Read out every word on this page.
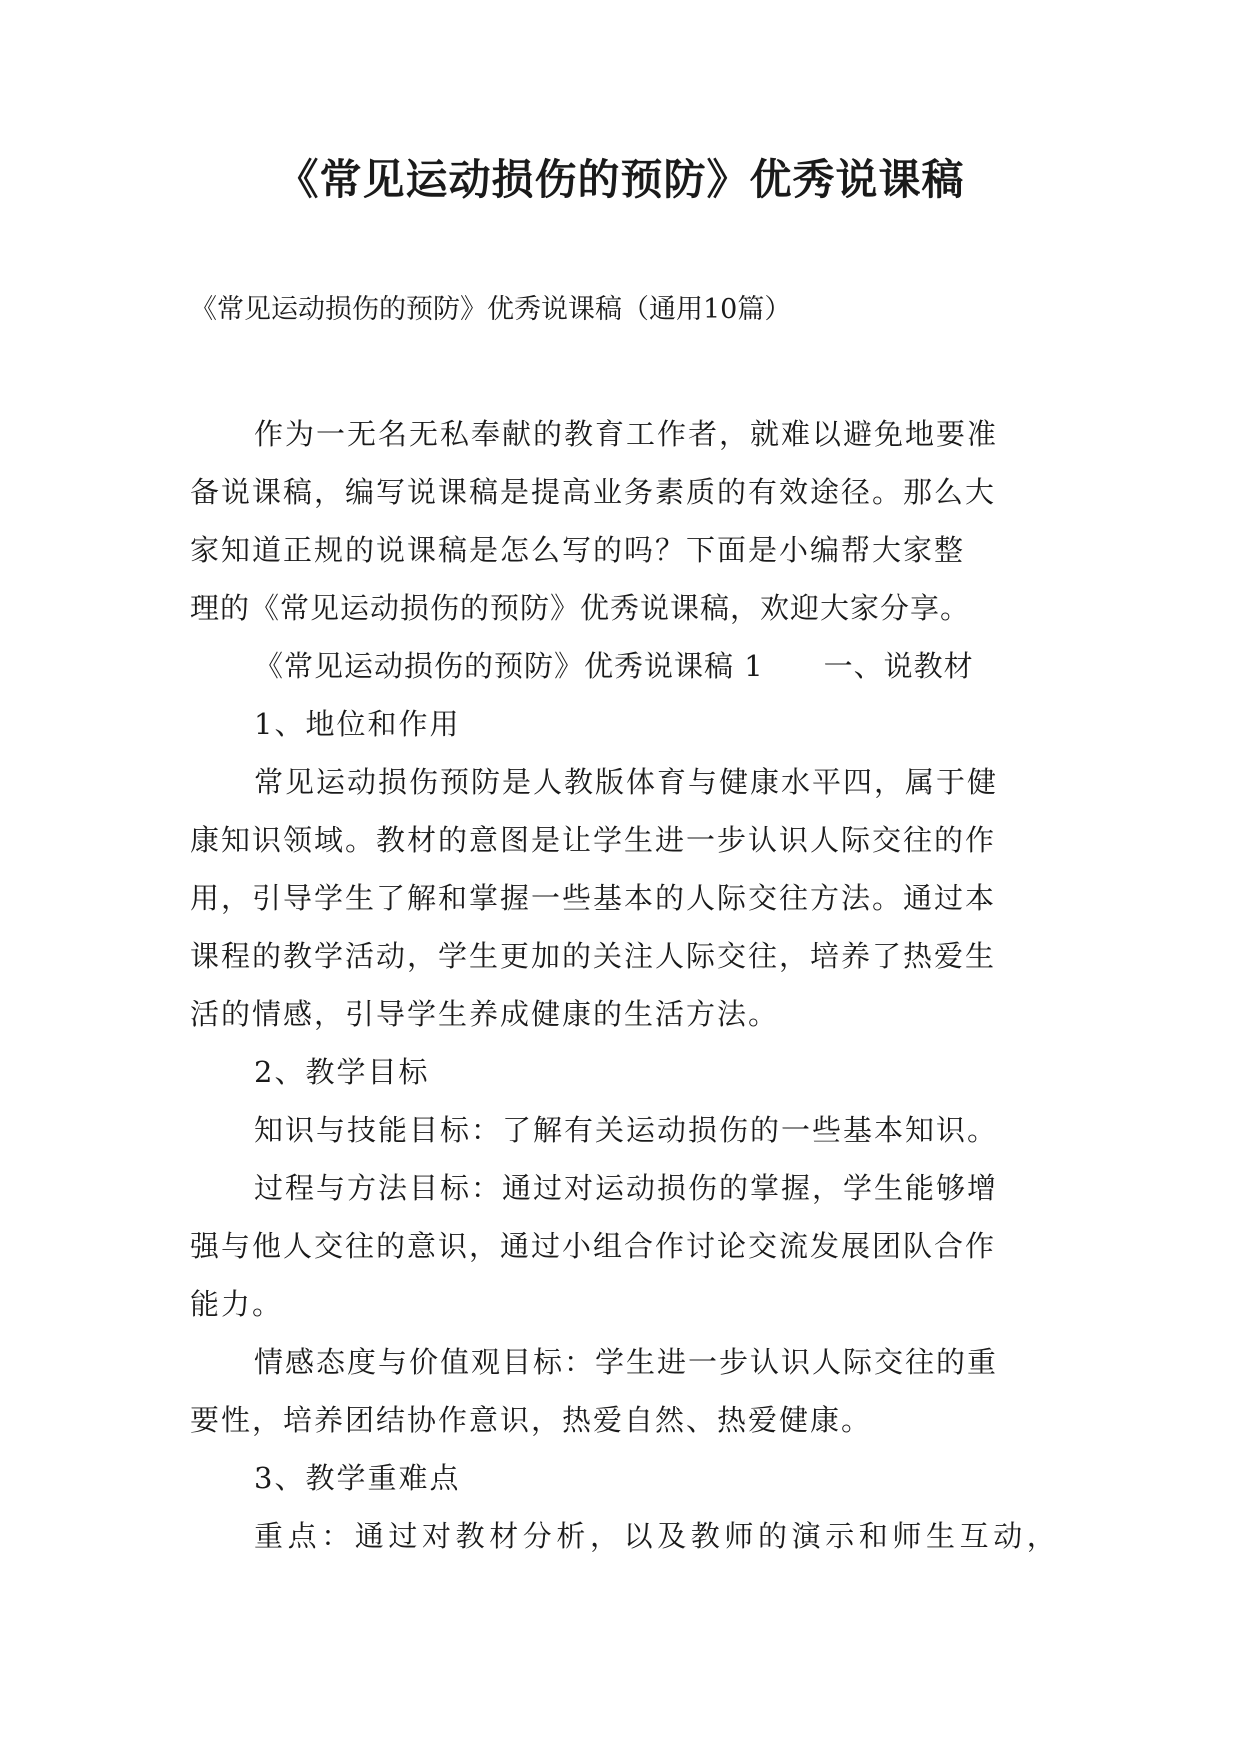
《常见运动损伤的预防》优秀说课稿

《常见运动损伤的预防》优秀说课稿（通用10篇）

作为一无名无私奉献的教育工作者，就难以避免地要准

备说课稿，编写说课稿是提高业务素质的有效途径。那么大

家知道正规的说课稿是怎么写的吗？下面是小编帮大家整

理的《常见运动损伤的预防》优秀说课稿，欢迎大家分享。

《常见运动损伤的预防》优秀说课稿 1　　一、说教材

1、地位和作用

常见运动损伤预防是人教版体育与健康水平四，属于健

康知识领域。教材的意图是让学生进一步认识人际交往的作

用，引导学生了解和掌握一些基本的人际交往方法。通过本

课程的教学活动，学生更加的关注人际交往，培养了热爱生

活的情感，引导学生养成健康的生活方法。

2、教学目标

知识与技能目标：了解有关运动损伤的一些基本知识。

过程与方法目标：通过对运动损伤的掌握，学生能够增

强与他人交往的意识，通过小组合作讨论交流发展团队合作

能力。

情感态度与价值观目标：学生进一步认识人际交往的重

要性，培养团结协作意识，热爱自然、热爱健康。

3、教学重难点

重点：通过对教材分析，以及教师的演示和师生互动，
